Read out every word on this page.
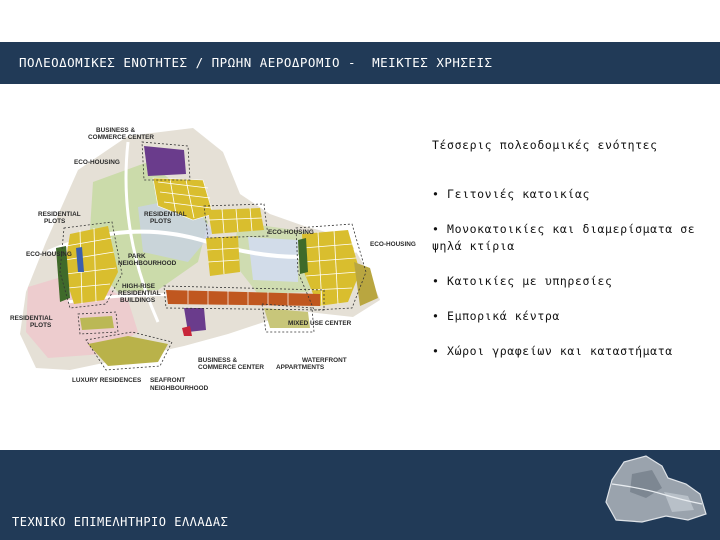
ΠΟΛΕΟΔΟΜΙΚΕΣ ΕΝΟΤΗΤΕΣ / ΠΡΩΗΝ ΑΕΡΟΔΡΟΜΙΟ -  ΜΕΙΚΤΕΣ ΧΡΗΣΕΙΣ
BUSINESS &
COMMERCE CENTER
ECO-HOUSING
RESIDENTIAL
PLOTS
RESIDENTIAL
PLOTS
ECO-HOUSING	PARK
NEIGHBOURHOOD
ECO-HOUSING
ECO-HOUSING
HIGH-RISE
RESIDENTIAL
BUILDINGS
RESIDENTIAL
PLOTS	MIXED USE CENTER
BUSINESS &
COMMERCE CENTER
WATERFRONT
APPARTMENTS
LUXURY RESIDENCES SEAFRONT
NEIGHBOURHOOD

Τέσσερις πολεοδομικές ενότητες

• Γειτονιές κατοικίας

• Μονοκατοικίες και διαμερίσματα σε ψηλά κτίρια

• Κατοικίες με υπηρεσίες

• Εμπορικά κέντρα

• Χώροι γραφείων και καταστήματα

ΤΕΧΝΙΚΟ ΕΠΙΜΕΛΗΤΗΡΙΟ ΕΛΛΑΔΑΣ
